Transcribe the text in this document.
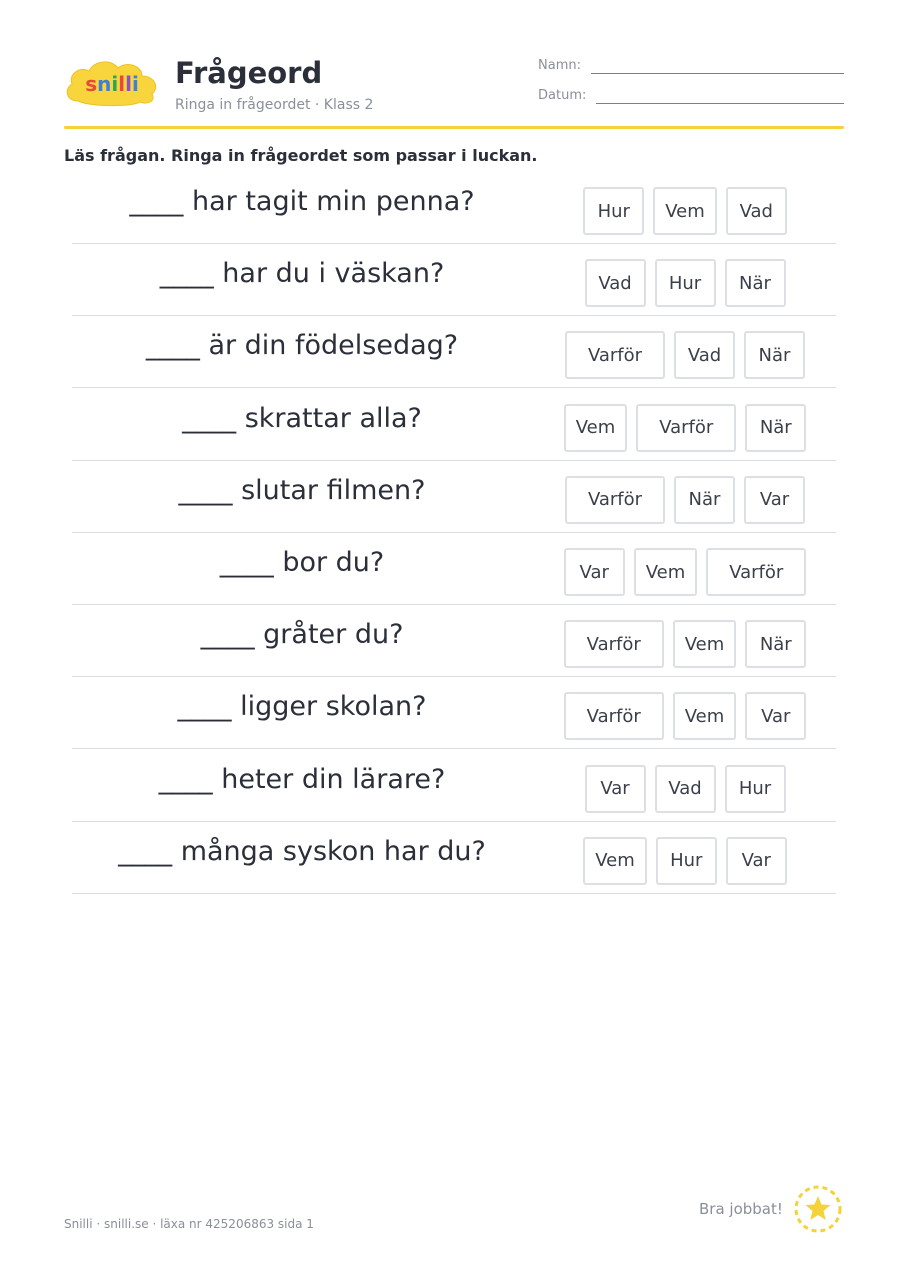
snilli Frågeord
Ringa in frågeordet · Klass 2
Namn:
Datum:
Läs frågan. Ringa in frågeordet som passar i luckan.
____ har tagit min penna?	Hur	Vem	Vad
____ har du i väskan?	Vad	Hur	När
____ är din födelsedag?	Varför	Vad	När
____ skrattar alla?	Vem	Varför	När
____ slutar filmen?	Varför	När	Var
____ bor du?	Var	Vem	Varför
____ gråter du?	Varför	Vem	När
____ ligger skolan?	Varför	Vem	Var
____ heter din lärare?	Var	Vad	Hur
____ många syskon har du?	Vem	Hur	Var
Snilli · snilli.se · läxa nr 425206863 sida 1
Bra jobbat!
